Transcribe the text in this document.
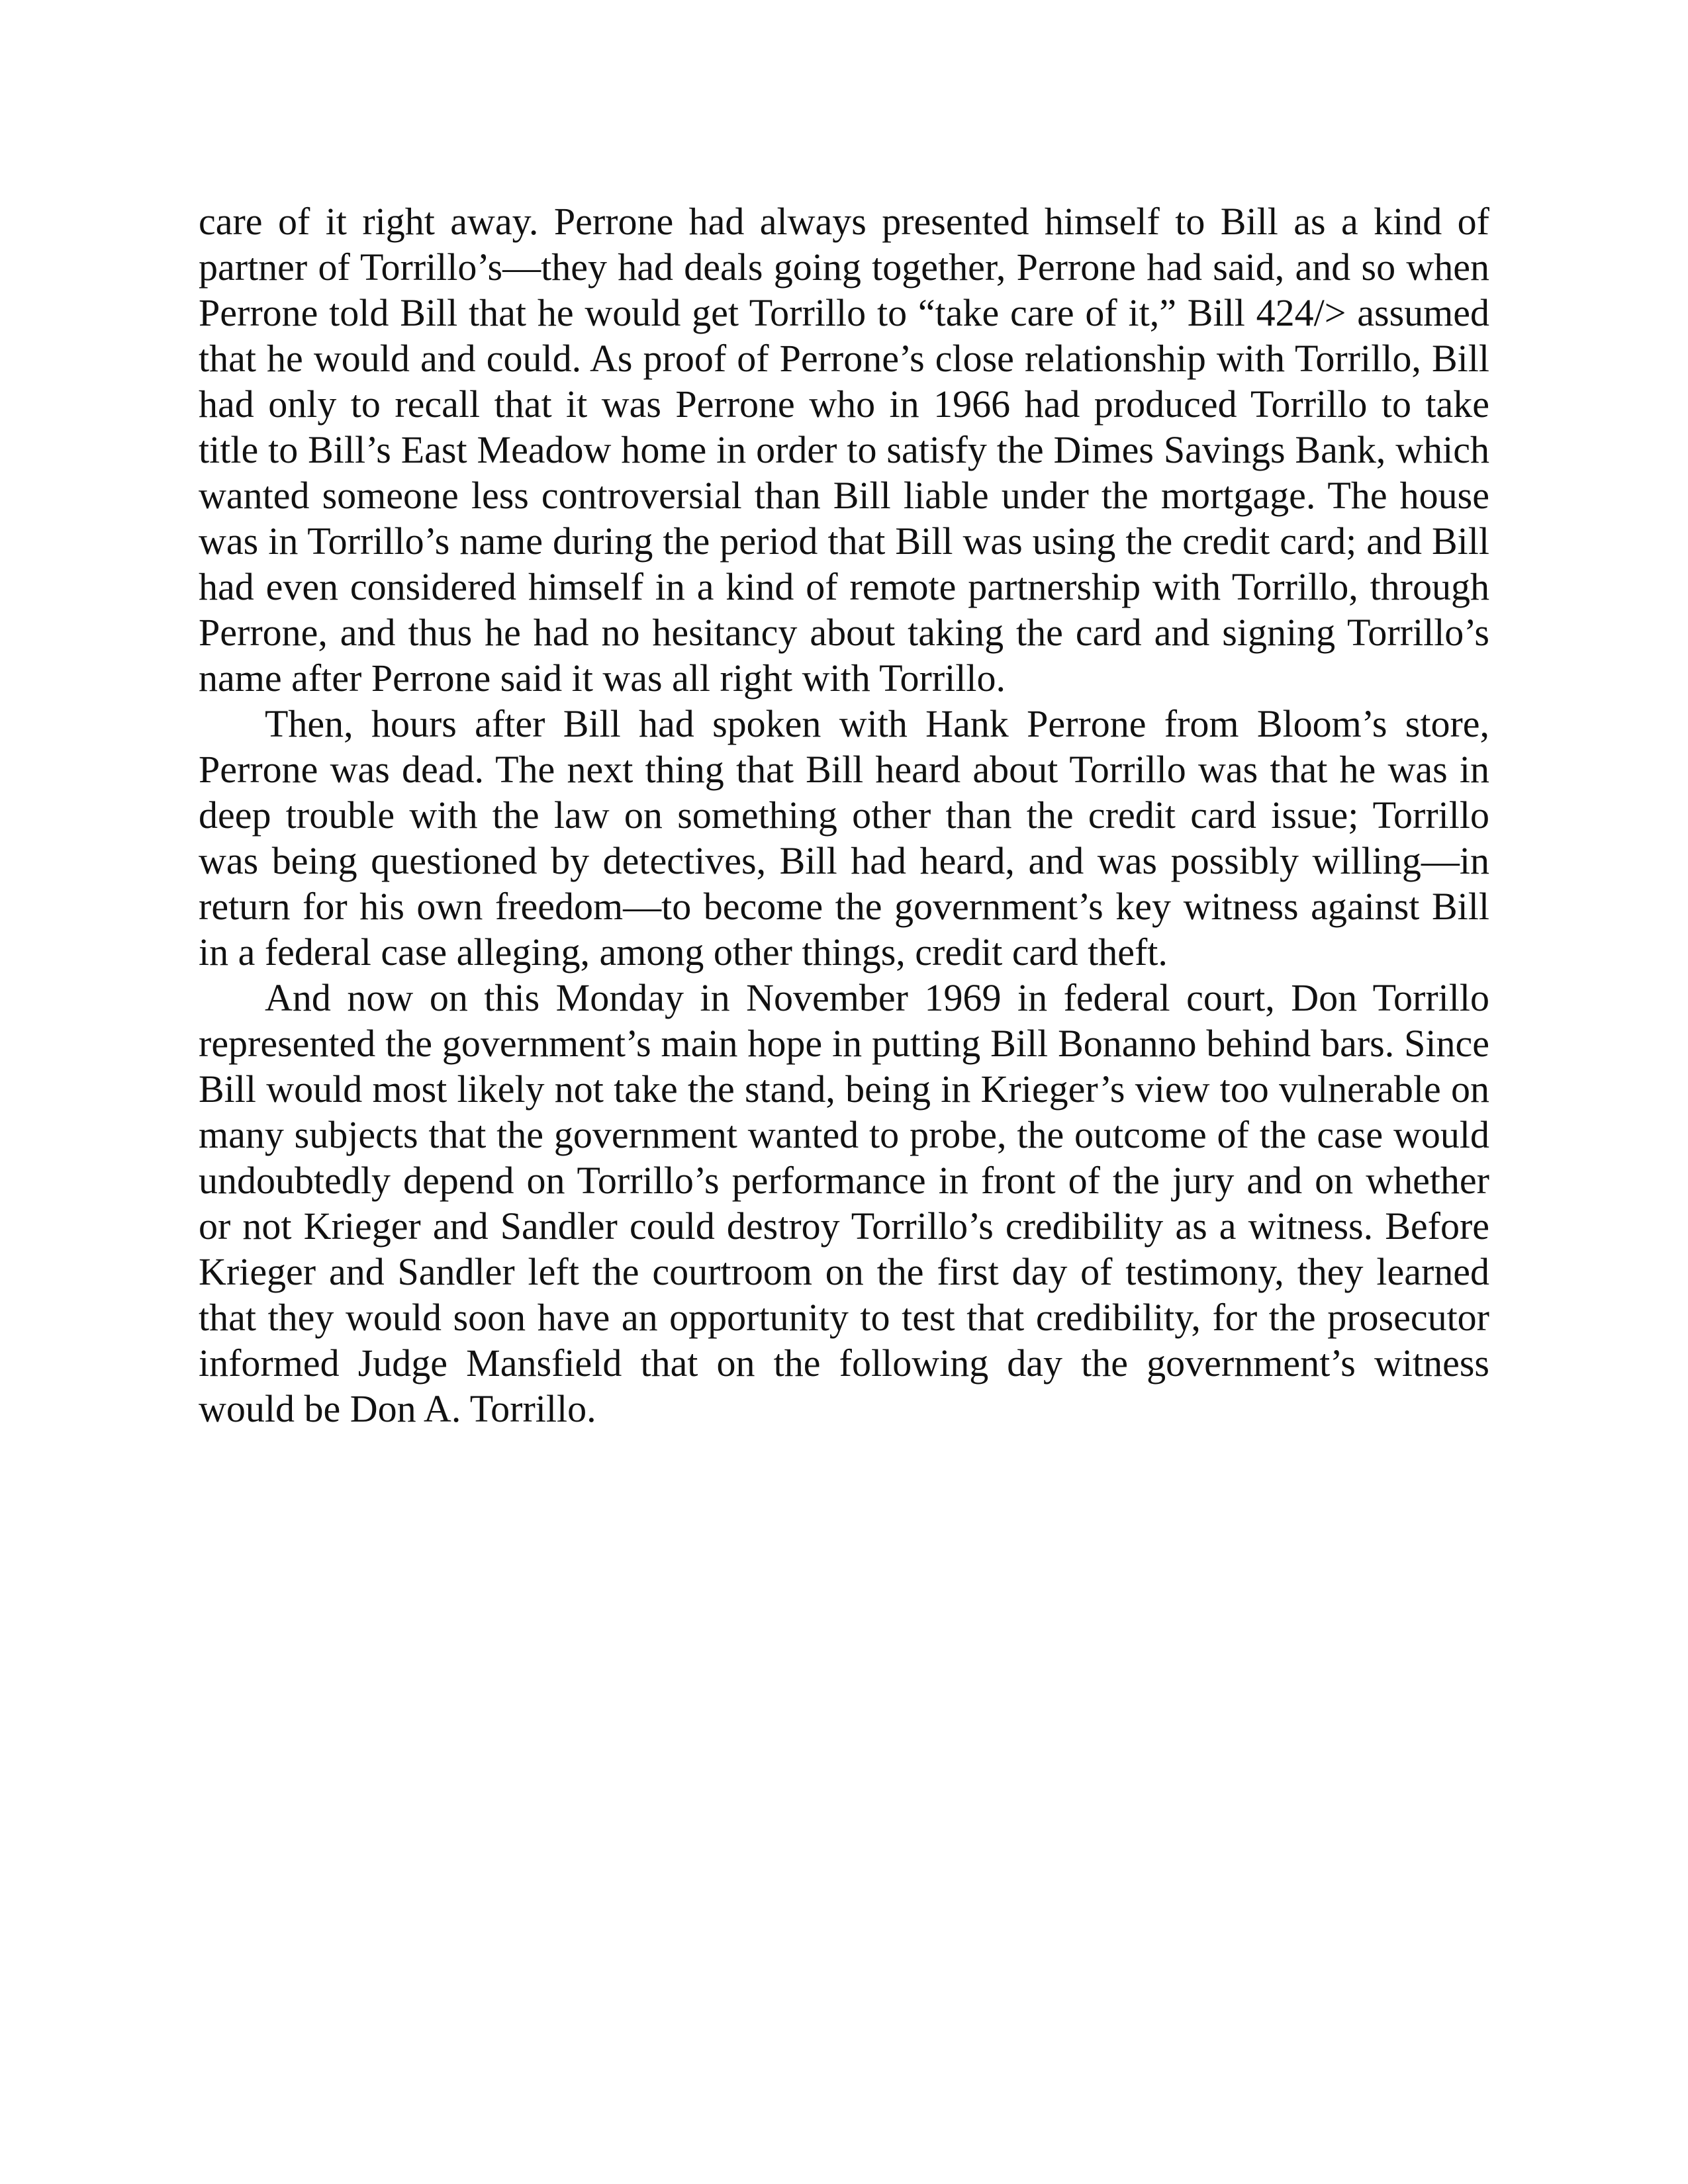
care of it right away. Perrone had always presented himself to Bill as a kind of partner of Torrillo’s—they had deals going together, Perrone had said, and so when Perrone told Bill that he would get Torrillo to “take care of it,” Bill 424/> assumed that he would and could. As proof of Perrone’s close relationship with Torrillo, Bill had only to recall that it was Perrone who in 1966 had produced Torrillo to take title to Bill’s East Meadow home in order to satisfy the Dimes Savings Bank, which wanted someone less controversial than Bill liable under the mortgage. The house was in Torrillo’s name during the period that Bill was using the credit card; and Bill had even considered himself in a kind of remote partnership with Torrillo, through Perrone, and thus he had no hesitancy about taking the card and signing Torrillo’s name after Perrone said it was all right with Torrillo.

Then, hours after Bill had spoken with Hank Perrone from Bloom’s store, Perrone was dead. The next thing that Bill heard about Torrillo was that he was in deep trouble with the law on something other than the credit card issue; Torrillo was being questioned by detectives, Bill had heard, and was possibly willing—in return for his own freedom—to become the government’s key witness against Bill in a federal case alleging, among other things, credit card theft.

And now on this Monday in November 1969 in federal court, Don Torrillo represented the government’s main hope in putting Bill Bonanno behind bars. Since Bill would most likely not take the stand, being in Krieger’s view too vulnerable on many subjects that the government wanted to probe, the outcome of the case would undoubtedly depend on Torrillo’s performance in front of the jury and on whether or not Krieger and Sandler could destroy Torrillo’s credibility as a witness. Before Krieger and Sandler left the courtroom on the first day of testimony, they learned that they would soon have an opportunity to test that credibility, for the prosecutor informed Judge Mansfield that on the following day the government’s witness would be Don A. Torrillo.
